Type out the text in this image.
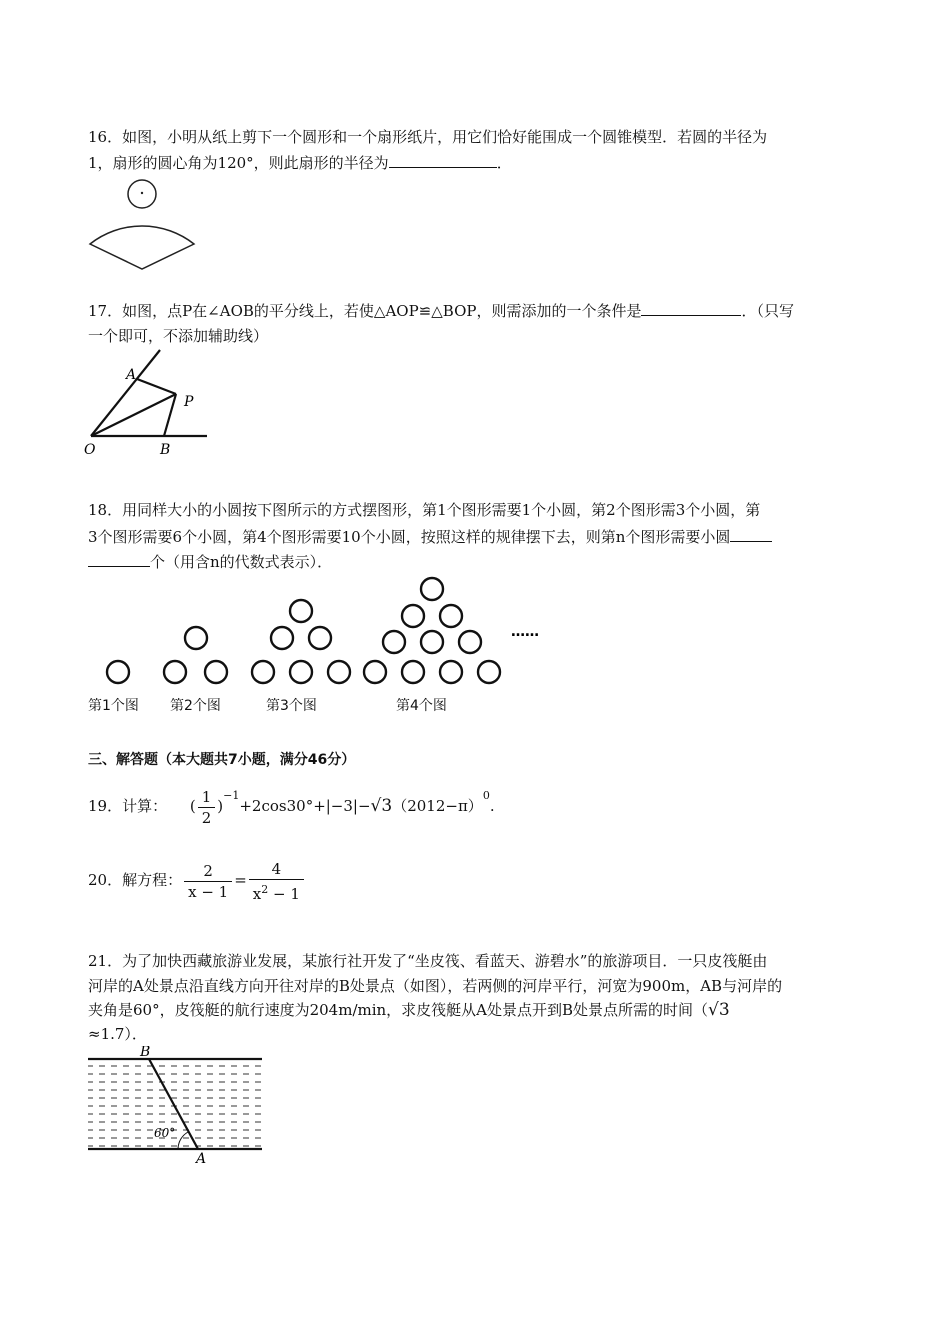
16．如图，小明从纸上剪下一个圆形和一个扇形纸片，用它们恰好能围成一个圆锥模型．若圆的半径为
1，扇形的圆心角为120°，则此扇形的半径为	．
17．如图，点P在∠AOB的平分线上，若使△AOP≌△BOP，则需添加的一个条件是	．（只写
一个即可，不添加辅助线）
A
P
O	B
18．用同样大小的小圆按下图所示的方式摆图形，第1个图形需要1个小圆，第2个图形需3个小圆，第
3个图形需要6个小圆，第4个图形需要10个小圆，按照这样的规律摆下去，则第n个图形需要小圆
个（用含n的代数式表示）．
……
第1个图 第2个图	第3个图	第4个图
三、解答题（本大题共7小题，满分46分）
19．计算： ( $\frac{1}{2} )^{-1}+2\cos 30^\circ+|-3|-√3(2012-\pi)^0$.
20．解方程： $\frac{2}{x - 1} = \frac{4}{x^2 - 1}$
21．为了加快西藏旅游业发展，某旅行社开发了“坐皮筏、看蓝天、游碧水”的旅游项目．一只皮筏艇由
河岸的A处景点沿直线方向开往对岸的B处景点（如图），若两侧的河岸平行，河宽为900m，AB与河岸的
夹角是60°，皮筏艇的航行速度为204m/min，求皮筏艇从A处景点开到B处景点所需的时间（√3
≈1.7）．
B
A
60°
